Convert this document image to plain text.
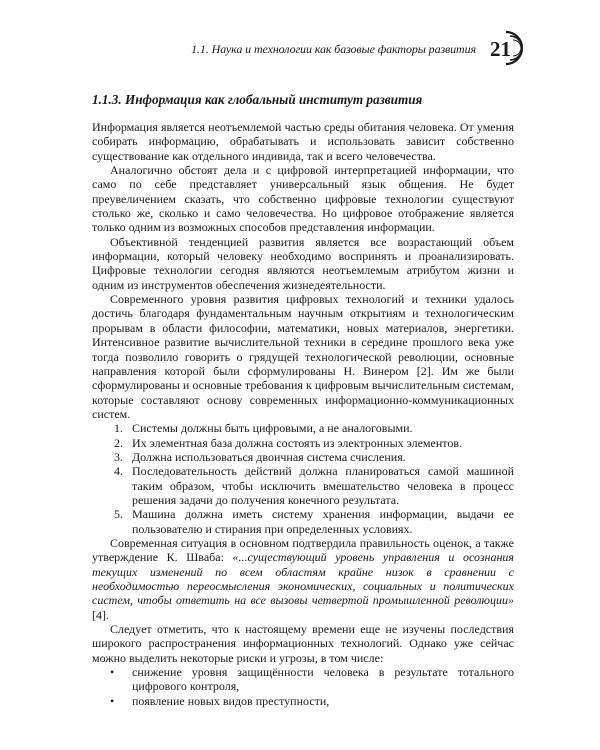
1.1. Наука и технологии как базовые факторы развития 21
1.1.3. Информация как глобальный институт развития

Информация является неотъемлемой частью среды обитания человека. От умения собирать информацию, обрабатывать и использовать зависит собственно существование как отдельного индивида, так и всего человечества.

Аналогично обстоят дела и с цифровой интерпретацией информации, что само по себе представляет универсальный язык общения. Не будет преувеличением сказать, что собственно цифровые технологии существуют столько же, сколько и само человечества. Но цифровое отображение является только одним из возможных способов представления информации.

Объективной тенденцией развития является все возрастающий объем информации, который человеку необходимо воспринять и проанализировать. Цифровые технологии сегодня являются неотъемлемым атрибутом жизни и одним из инструментов обеспечения жизнедеятельности.

Современного уровня развития цифровых технологий и техники удалось достичь благодаря фундаментальным научным открытиям и технологическим прорывам в области философии, математики, новых материалов, энергетики. Интенсивное развитие вычислительной техники в середине прошлого века уже тогда позволило говорить о грядущей технологической революции, основные направления которой были сформулированы Н. Винером [2]. Им же были сформулированы и основные требования к цифровым вычислительным системам, которые составляют основу современных информационно-коммуникационных систем.

1. Системы должны быть цифровыми, а не аналоговыми.
2. Их элементная база должна состоять из электронных элементов.
3. Должна использоваться двоичная система счисления.
4. Последовательность действий должна планироваться самой машиной таким образом, чтобы исключить вмешательство человека в процесс решения задачи до получения конечного результата.
5. Машина должна иметь систему хранения информации, выдачи ее пользователю и стирания при определенных условиях.

Современная ситуация в основном подтвердила правильность оценок, а также утверждение К. Шваба: «...существующий уровень управления и осознания текущих изменений по всем областям крайне низок в сравнении с необходимостью переосмысления экономических, социальных и политических систем, чтобы ответить на все вызовы четвертой промышленной революции» [4].

Следует отметить, что к настоящему времени еще не изучены последствия широкого распространения информационных технологий. Однако уже сейчас можно выделить некоторые риски и угрозы, в том числе:

• снижение уровня защищённости человека в результате тотального цифрового контроля,
• появление новых видов преступности,
